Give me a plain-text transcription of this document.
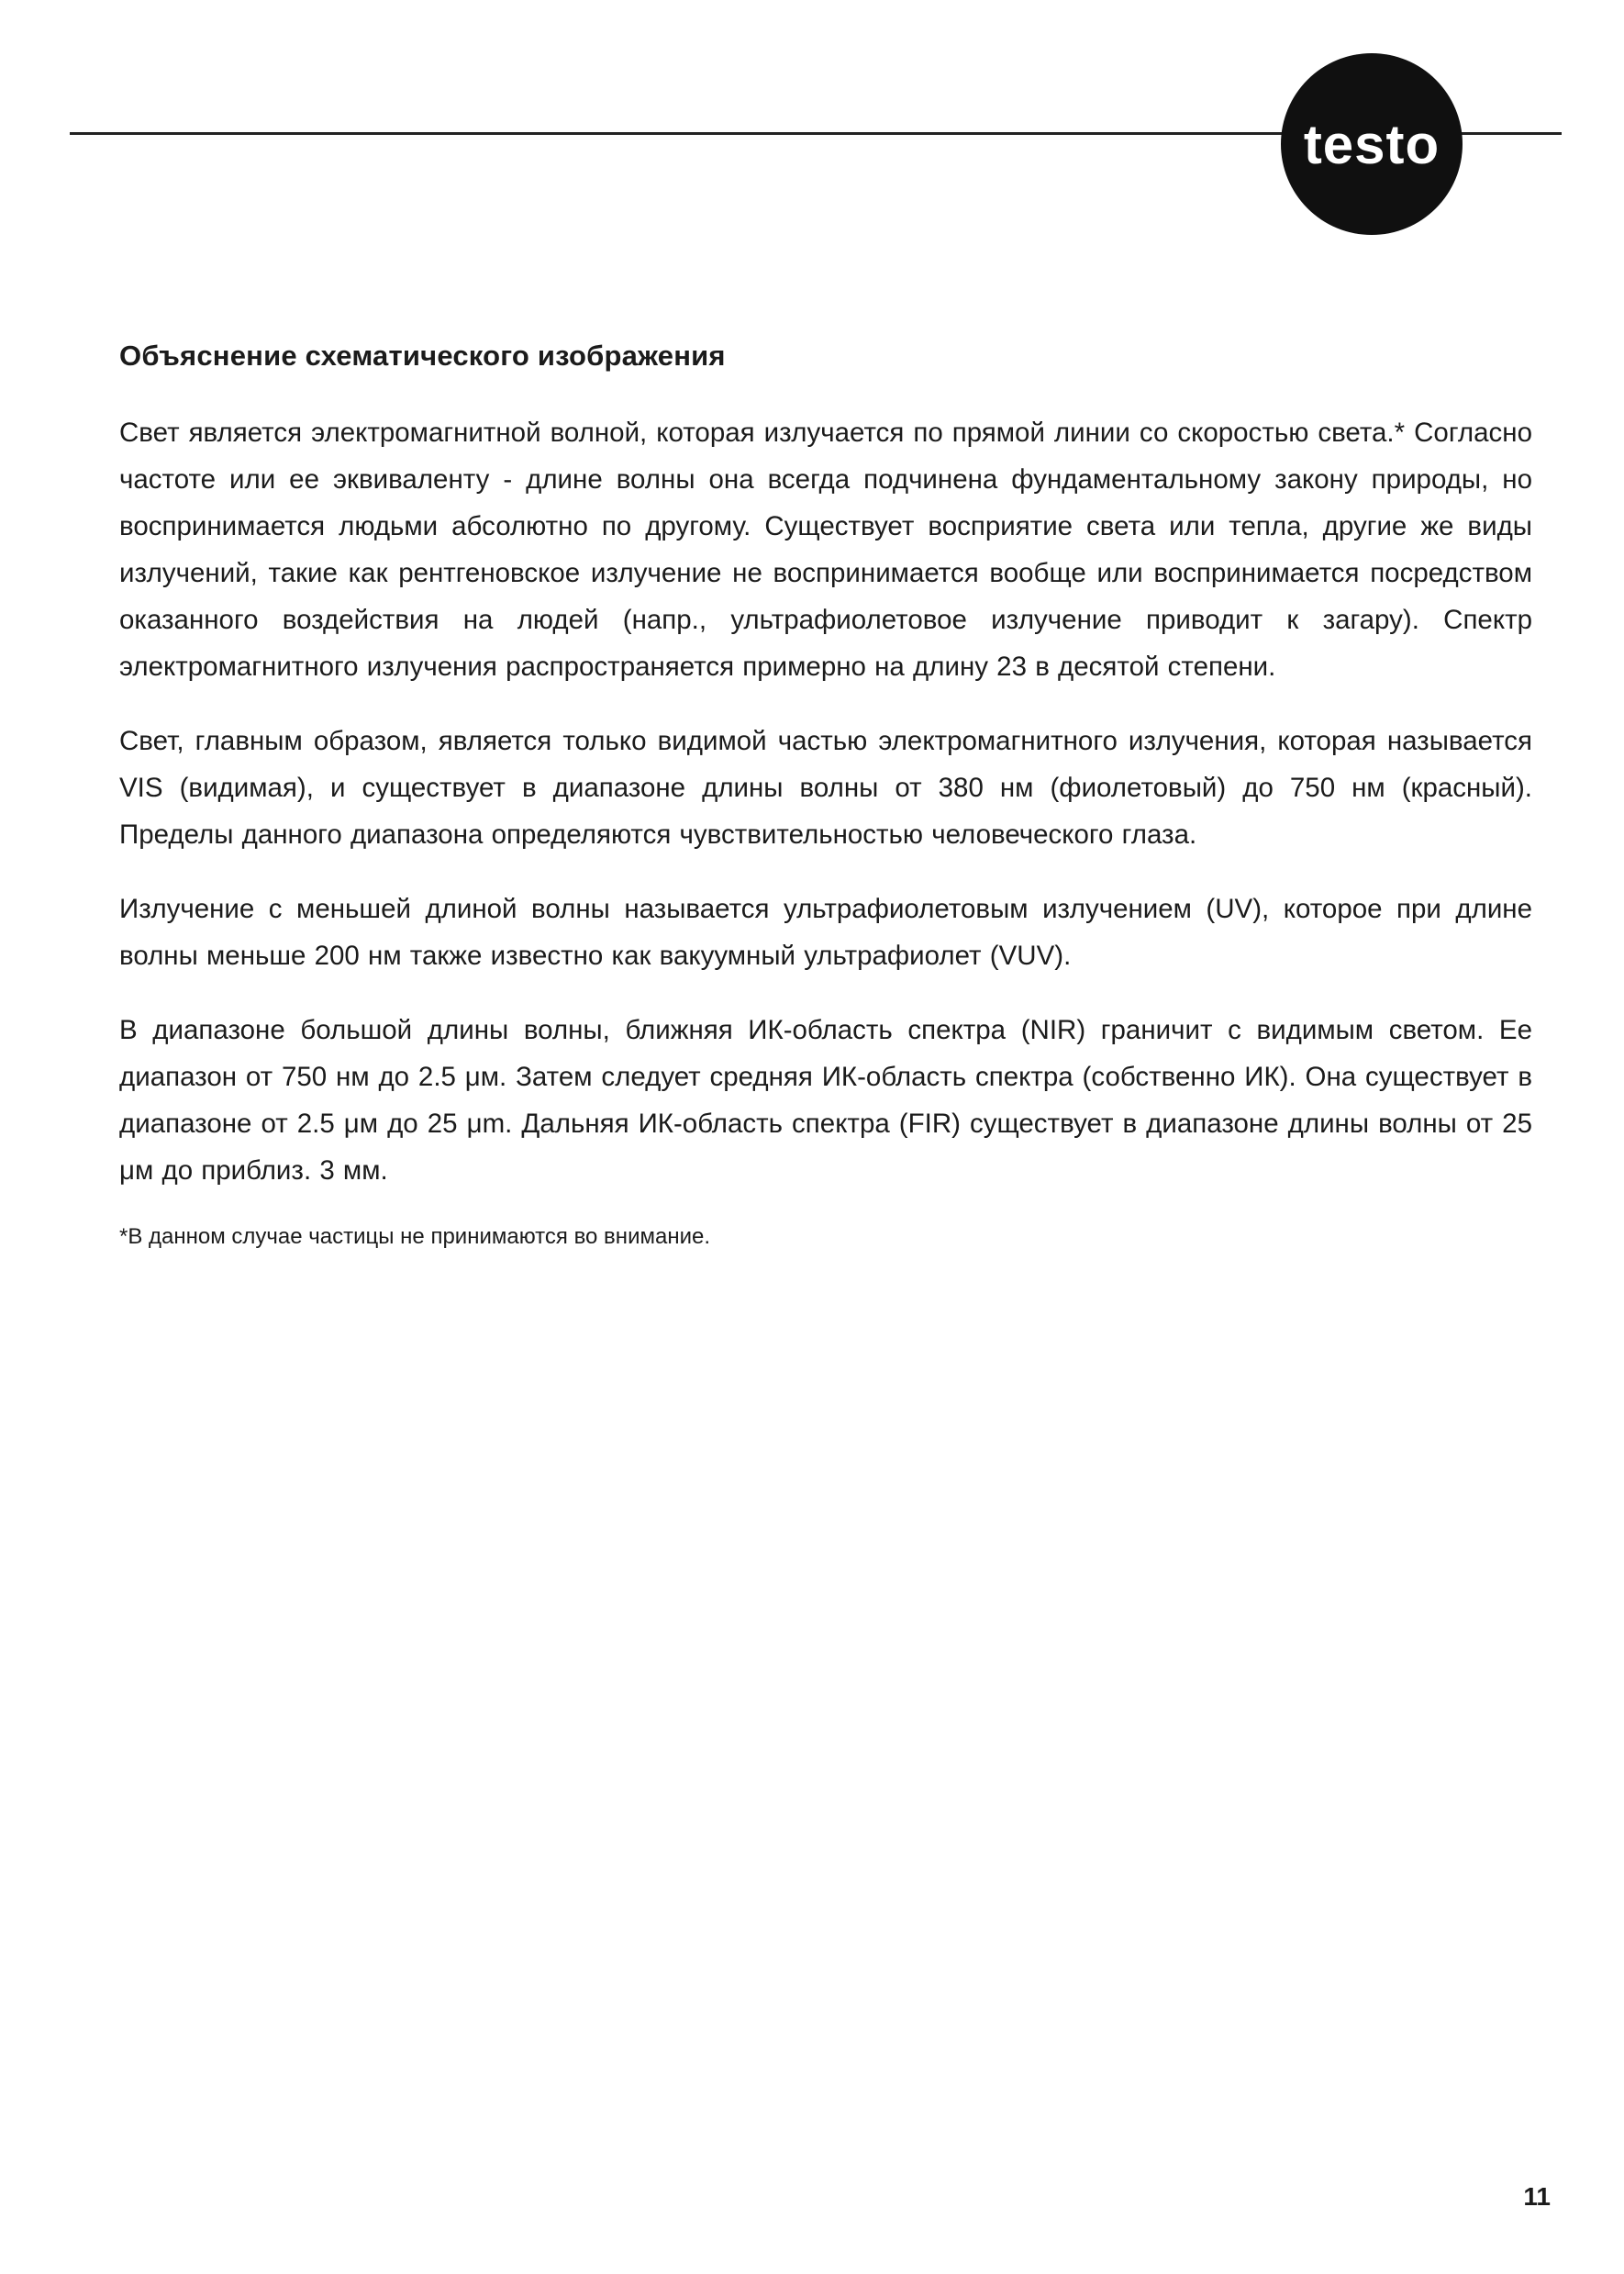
testo
Объяснение схематического изображения

Свет является электромагнитной волной, которая излучается по прямой линии со скоростью света.* Согласно частоте или ее эквиваленту - длине волны она всегда подчинена фундаментальному закону природы, но воспринимается людьми абсолютно по другому. Существует восприятие света или тепла, другие же виды излучений, такие как рентгеновское излучение не воспринимается вообще или воспринимается посредством оказанного воздействия на людей (напр., ультрафиолетовое излучение приводит к загару). Спектр электромагнитного излучения распространяется примерно на длину 23 в десятой степени.

Свет, главным образом, является только видимой частью электромагнитного излучения, которая называется VIS (видимая), и существует в диапазоне длины волны от 380 нм (фиолетовый) до 750 нм (красный). Пределы данного диапазона определяются чувствительностью человеческого глаза.

Излучение с меньшей длиной волны называется ультрафиолетовым излучением (UV), которое при длине волны меньше 200 нм также известно как вакуумный ультрафиолет (VUV).

В диапазоне большой длины волны, ближняя ИК-область спектра (NIR) граничит с видимым светом. Ее диапазон от 750 нм до 2.5 μм. Затем следует средняя ИК-область спектра (собственно ИК). Она существует в диапазоне от 2.5 μм до 25 μm. Дальняя ИК-область спектра (FIR) существует в диапазоне длины волны от 25 μм до приблиз. 3 мм.

*В данном случае частицы не принимаются во внимание.

11
